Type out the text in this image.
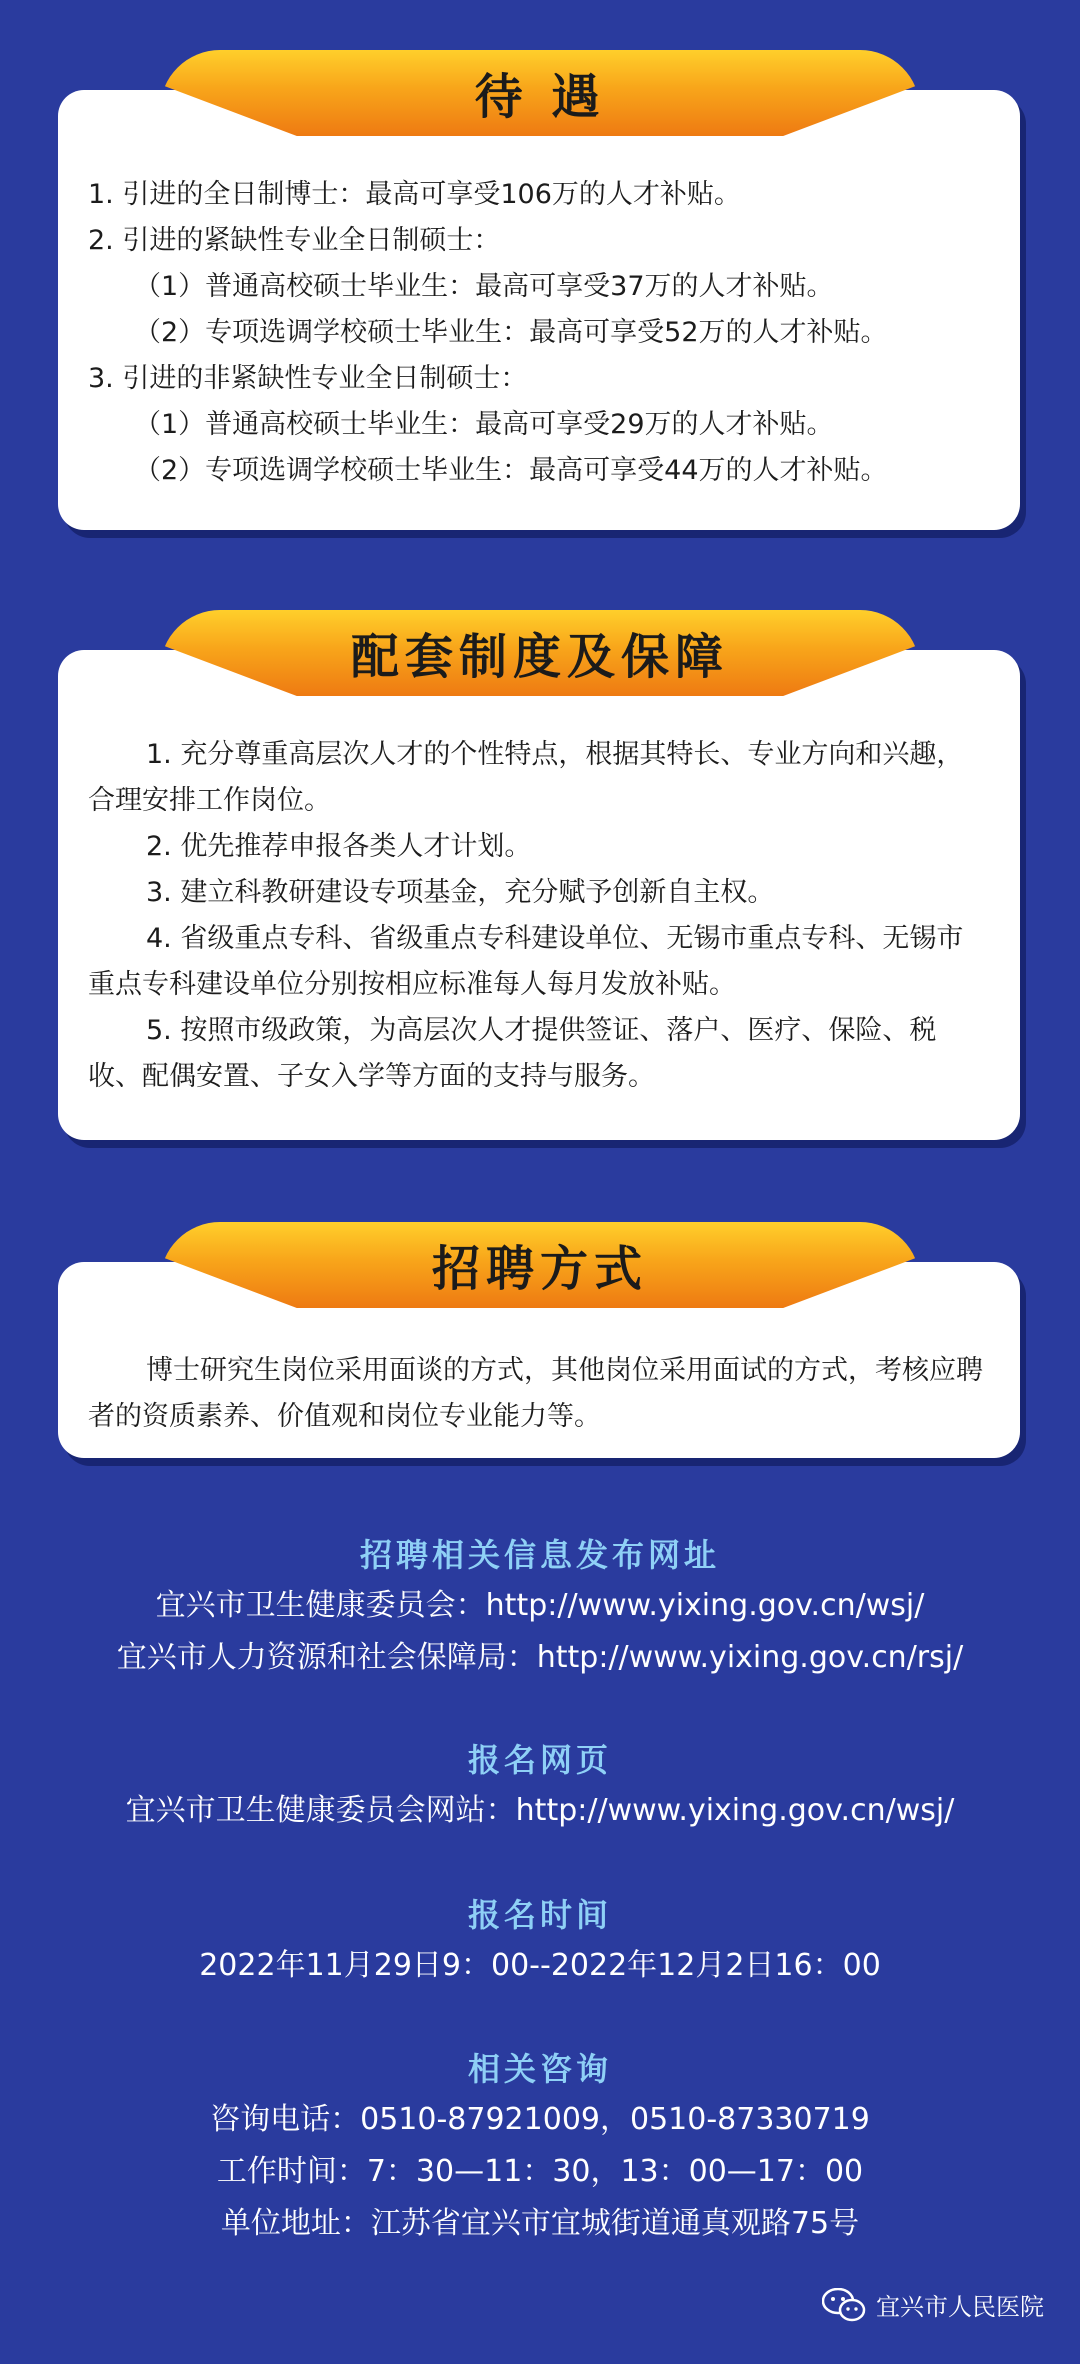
待 遇

1. 引进的全日制博士：最高可享受106万的人才补贴。

2. 引进的紧缺性专业全日制硕士：

（1）普通高校硕士毕业生：最高可享受37万的人才补贴。

（2）专项选调学校硕士毕业生：最高可享受52万的人才补贴。

3. 引进的非紧缺性专业全日制硕士：

（1）普通高校硕士毕业生：最高可享受29万的人才补贴。

（2）专项选调学校硕士毕业生：最高可享受44万的人才补贴。

配套制度及保障

1. 充分尊重高层次人才的个性特点，根据其特长、专业方向和兴趣，合理安排工作岗位。

2. 优先推荐申报各类人才计划。

3. 建立科教研建设专项基金，充分赋予创新自主权。

4. 省级重点专科、省级重点专科建设单位、无锡市重点专科、无锡市重点专科建设单位分别按相应标准每人每月发放补贴。

5. 按照市级政策，为高层次人才提供签证、落户、医疗、保险、税收、配偶安置、子女入学等方面的支持与服务。

招聘方式

博士研究生岗位采用面谈的方式，其他岗位采用面试的方式，考核应聘者的资质素养、价值观和岗位专业能力等。

招聘相关信息发布网址
宜兴市卫生健康委员会：http://www.yixing.gov.cn/wsj/
宜兴市人力资源和社会保障局：http://www.yixing.gov.cn/rsj/
报名网页
宜兴市卫生健康委员会网站：http://www.yixing.gov.cn/wsj/
报名时间
2022年11月29日9：00--2022年12月2日16：00
相关咨询
咨询电话：0510-87921009，0510-87330719
工作时间：7：30—11：30，13：00—17：00
单位地址：江苏省宜兴市宜城街道通真观路75号
宜兴市人民医院
